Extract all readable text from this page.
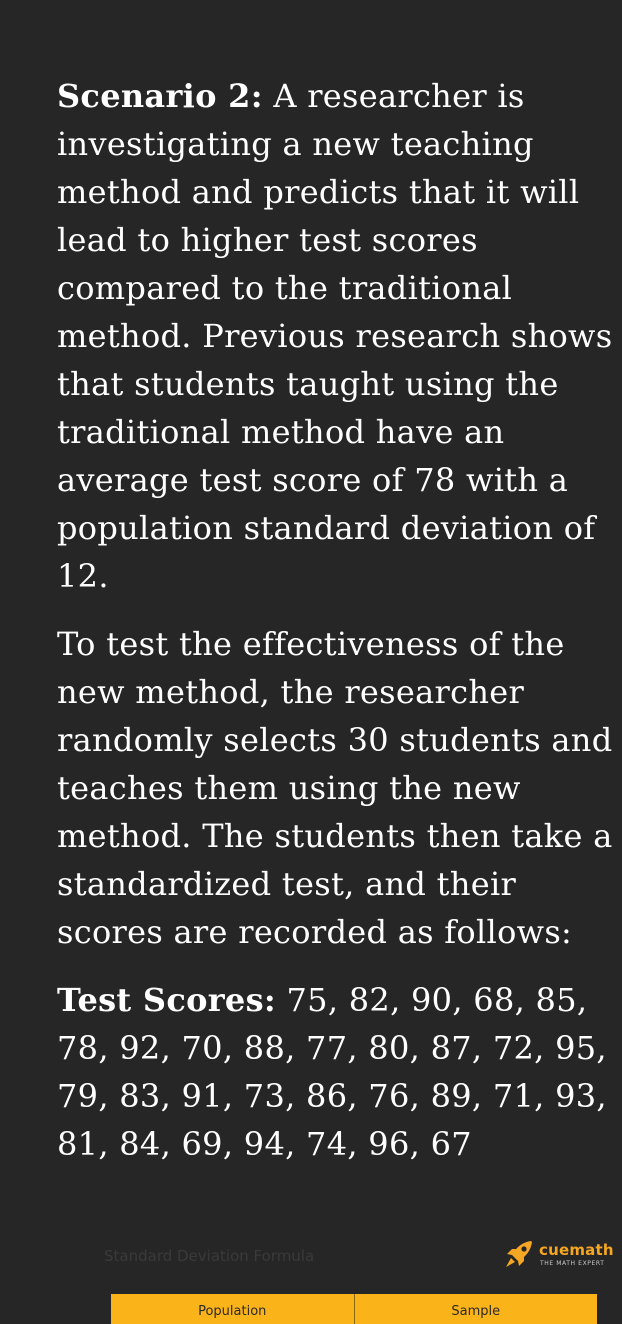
Scenario 2: A researcher is investigating a new teaching method and predicts that it will lead to higher test scores compared to the traditional method. Previous research shows that students taught using the traditional method have an average test score of 78 with a population standard deviation of 12.

To test the effectiveness of the new method, the researcher randomly selects 30 students and teaches them using the new method. The students then take a standardized test, and their scores are recorded as follows:

Test Scores: 75, 82, 90, 68, 85, 78, 92, 70, 88, 77, 80, 87, 72, 95, 79, 83, 91, 73, 86, 76, 89, 71, 93, 81, 84, 69, 94, 74, 96, 67

Standard Deviation Formula	cuemath
THE MATH EXPERT
Population	Sample
